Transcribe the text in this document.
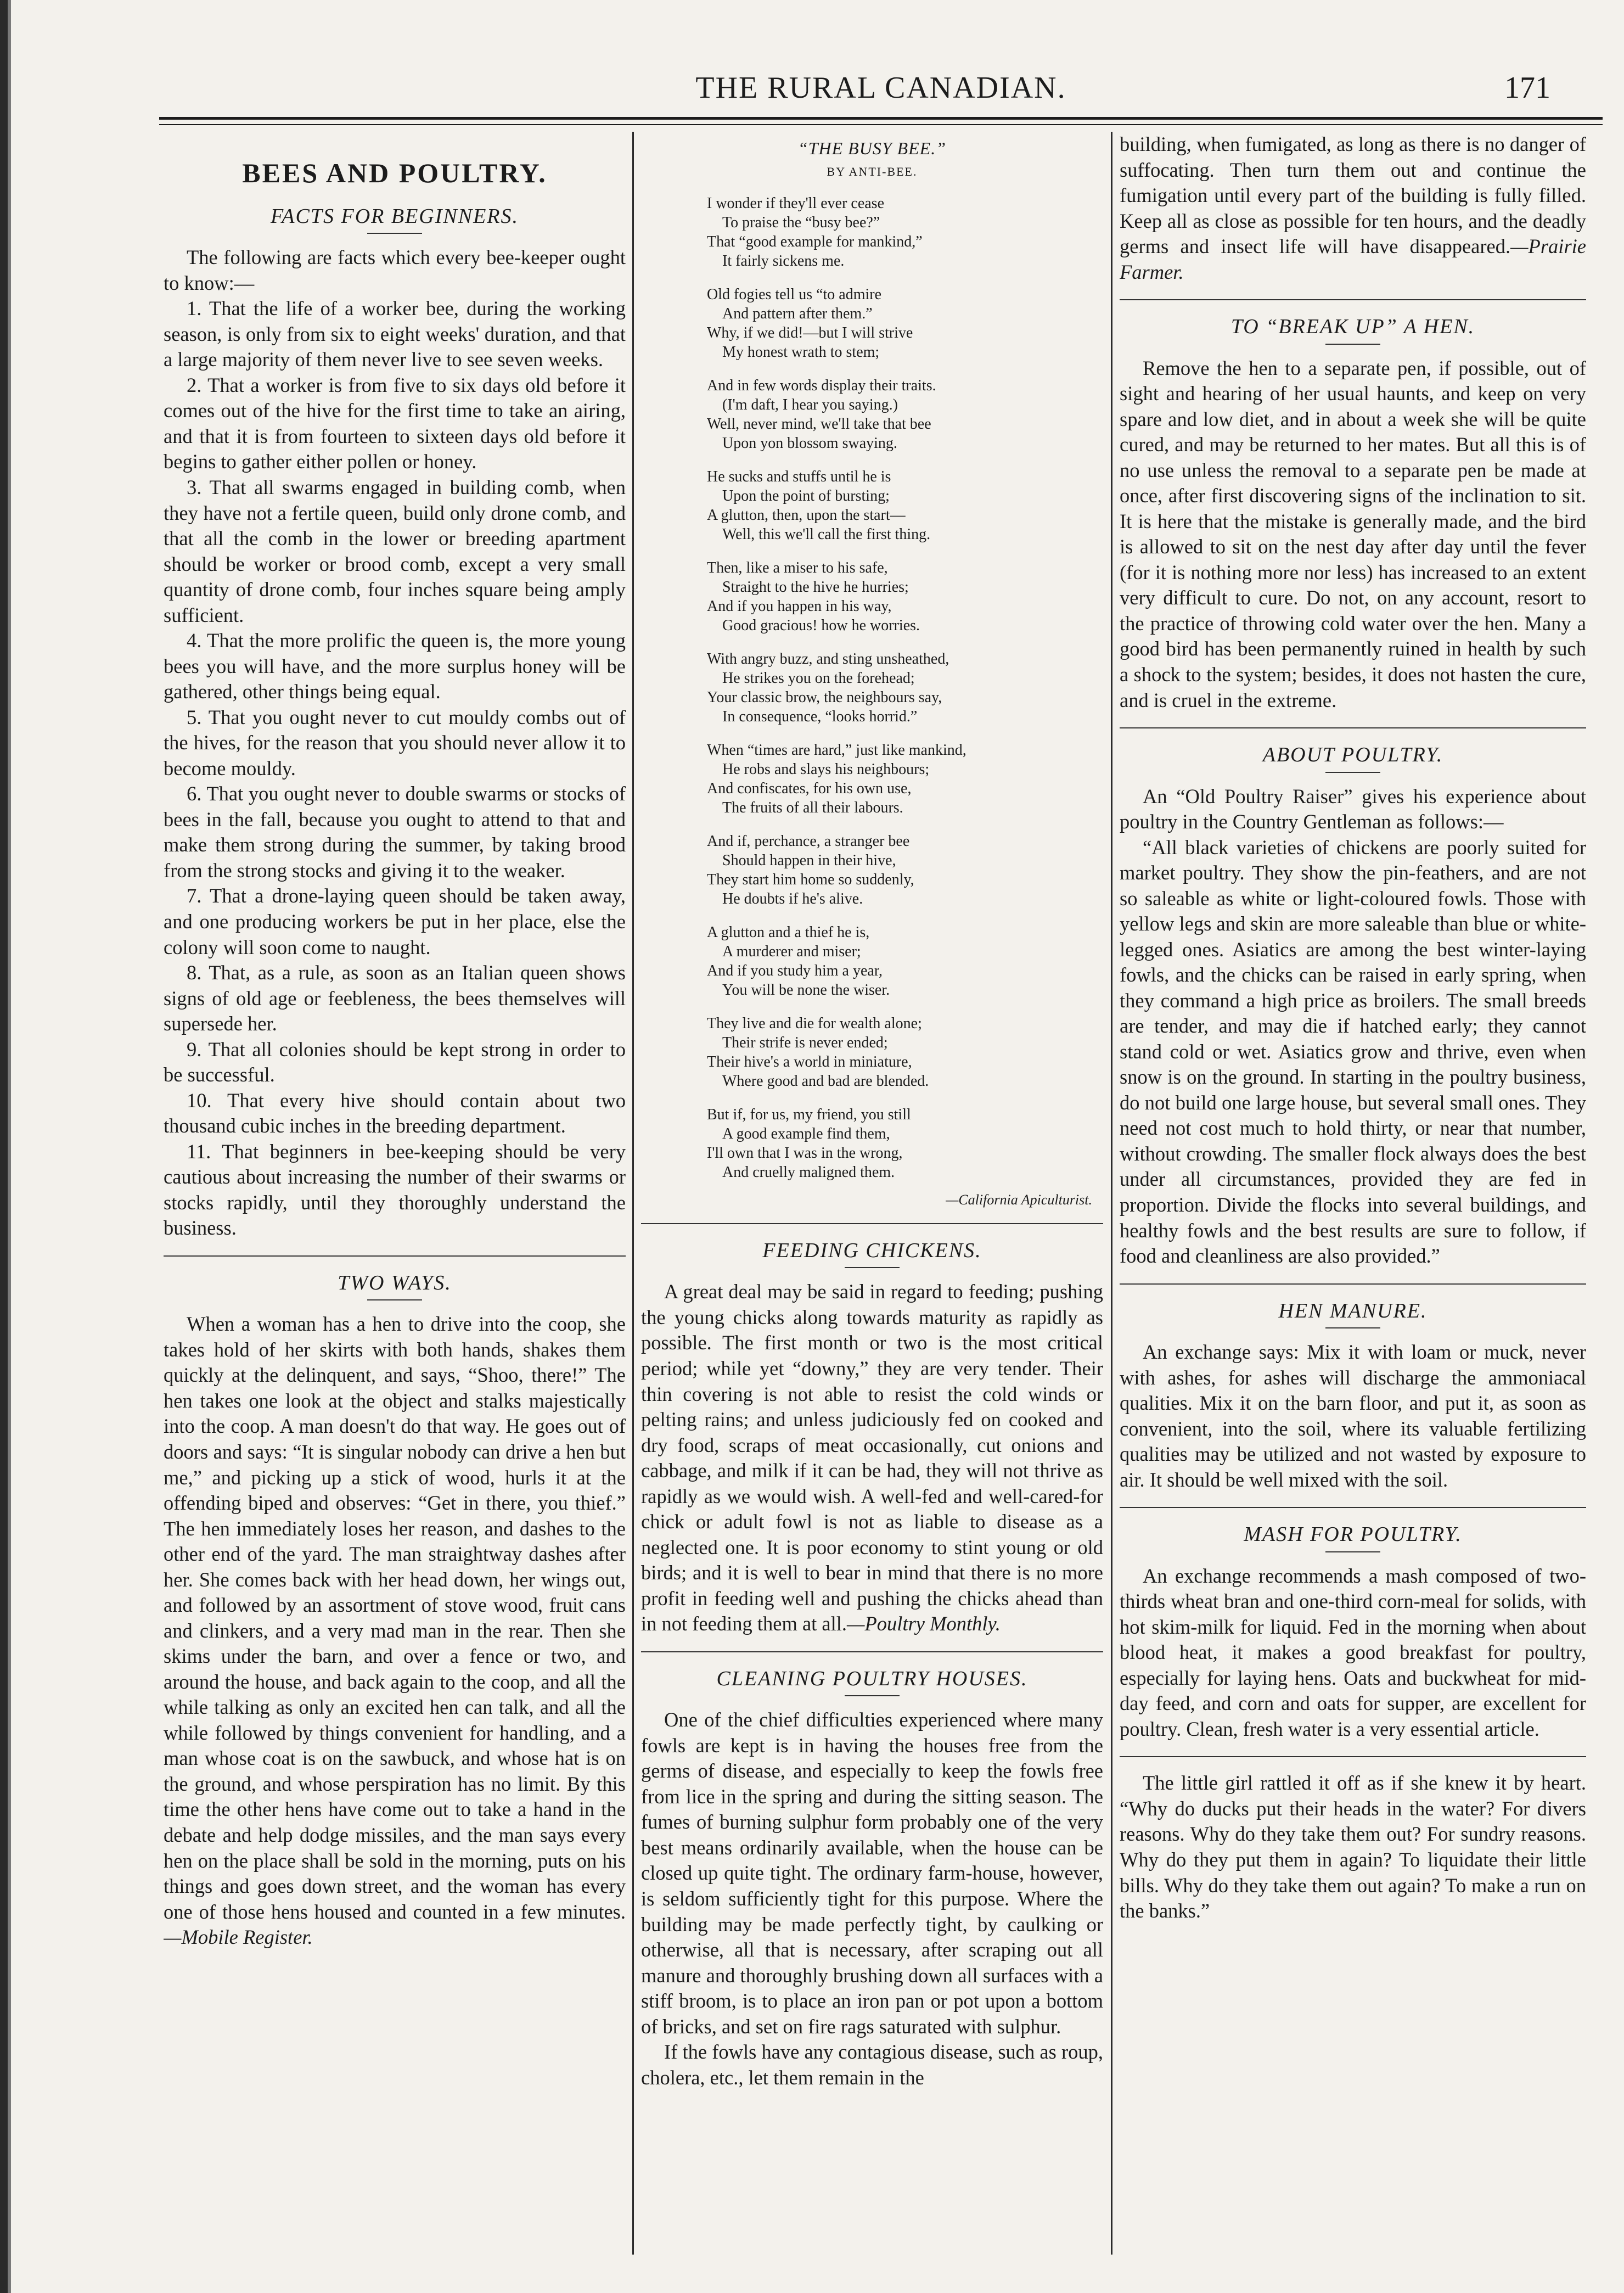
THE RURAL CANADIAN.	171
BEES AND POULTRY.
FACTS FOR BEGINNERS.

The following are facts which every bee-keeper ought to know:—

1. That the life of a worker bee, during the working season, is only from six to eight weeks' duration, and that a large majority of them never live to see seven weeks.

2. That a worker is from five to six days old before it comes out of the hive for the first time to take an airing, and that it is from fourteen to sixteen days old before it begins to gather either pollen or honey.

3. That all swarms engaged in building comb, when they have not a fertile queen, build only drone comb, and that all the comb in the lower or breeding apartment should be worker or brood comb, except a very small quantity of drone comb, four inches square being amply sufficient.

4. That the more prolific the queen is, the more young bees you will have, and the more surplus honey will be gathered, other things being equal.

5. That you ought never to cut mouldy combs out of the hives, for the reason that you should never allow it to become mouldy.

6. That you ought never to double swarms or stocks of bees in the fall, because you ought to attend to that and make them strong during the summer, by taking brood from the strong stocks and giving it to the weaker.

7. That a drone-laying queen should be taken away, and one producing workers be put in her place, else the colony will soon come to naught.

8. That, as a rule, as soon as an Italian queen shows signs of old age or feebleness, the bees themselves will supersede her.

9. That all colonies should be kept strong in order to be successful.

10. That every hive should contain about two thousand cubic inches in the breeding department.

11. That beginners in bee-keeping should be very cautious about increasing the number of their swarms or stocks rapidly, until they thoroughly understand the business.

TWO WAYS.

When a woman has a hen to drive into the coop, she takes hold of her skirts with both hands, shakes them quickly at the delinquent, and says, “Shoo, there!” The hen takes one look at the object and stalks majestically into the coop. A man doesn't do that way. He goes out of doors and says: “It is singular nobody can drive a hen but me,” and picking up a stick of wood, hurls it at the offending biped and observes: “Get in there, you thief.” The hen immediately loses her reason, and dashes to the other end of the yard. The man straightway dashes after her. She comes back with her head down, her wings out, and followed by an assortment of stove wood, fruit cans and clinkers, and a very mad man in the rear. Then she skims under the barn, and over a fence or two, and around the house, and back again to the coop, and all the while talking as only an excited hen can talk, and all the while followed by things convenient for handling, and a man whose coat is on the sawbuck, and whose hat is on the ground, and whose perspiration has no limit. By this time the other hens have come out to take a hand in the debate and help dodge missiles, and the man says every hen on the place shall be sold in the morning, puts on his things and goes down street, and the woman has every one of those hens housed and counted in a few minutes.—Mobile Register.

“THE BUSY BEE.”
BY ANTI-BEE.
I wonder if they'll ever cease
To praise the “busy bee?”
That “good example for mankind,”
It fairly sickens me.
Old fogies tell us “to admire
And pattern after them.”
Why, if we did!—but I will strive
My honest wrath to stem;
And in few words display their traits.
(I'm daft, I hear you saying.)
Well, never mind, we'll take that bee
Upon yon blossom swaying.
He sucks and stuffs until he is
Upon the point of bursting;
A glutton, then, upon the start—
Well, this we'll call the first thing.
Then, like a miser to his safe,
Straight to the hive he hurries;
And if you happen in his way,
Good gracious! how he worries.
With angry buzz, and sting unsheathed,
He strikes you on the forehead;
Your classic brow, the neighbours say,
In consequence, “looks horrid.”
When “times are hard,” just like mankind,
He robs and slays his neighbours;
And confiscates, for his own use,
The fruits of all their labours.
And if, perchance, a stranger bee
Should happen in their hive,
They start him home so suddenly,
He doubts if he's alive.
A glutton and a thief he is,
A murderer and miser;
And if you study him a year,
You will be none the wiser.
They live and die for wealth alone;
Their strife is never ended;
Their hive's a world in miniature,
Where good and bad are blended.
But if, for us, my friend, you still
A good example find them,
I'll own that I was in the wrong,
And cruelly maligned them.
—California Apiculturist.
FEEDING CHICKENS.

A great deal may be said in regard to feeding; pushing the young chicks along towards maturity as rapidly as possible. The first month or two is the most critical period; while yet “downy,” they are very tender. Their thin covering is not able to resist the cold winds or pelting rains; and unless judiciously fed on cooked and dry food, scraps of meat occasionally, cut onions and cabbage, and milk if it can be had, they will not thrive as rapidly as we would wish. A well-fed and well-cared-for chick or adult fowl is not as liable to disease as a neglected one. It is poor economy to stint young or old birds; and it is well to bear in mind that there is no more profit in feeding well and pushing the chicks ahead than in not feeding them at all.—Poultry Monthly.

CLEANING POULTRY HOUSES.

One of the chief difficulties experienced where many fowls are kept is in having the houses free from the germs of disease, and especially to keep the fowls free from lice in the spring and during the sitting season. The fumes of burning sulphur form probably one of the very best means ordinarily available, when the house can be closed up quite tight. The ordinary farm-house, however, is seldom sufficiently tight for this purpose. Where the building may be made perfectly tight, by caulking or otherwise, all that is necessary, after scraping out all manure and thoroughly brushing down all surfaces with a stiff broom, is to place an iron pan or pot upon a bottom of bricks, and set on fire rags saturated with sulphur.

If the fowls have any contagious disease, such as roup, cholera, etc., let them remain in the

building, when fumigated, as long as there is no danger of suffocating. Then turn them out and continue the fumigation until every part of the building is fully filled. Keep all as close as possible for ten hours, and the deadly germs and insect life will have disappeared.—Prairie Farmer.

TO “BREAK UP” A HEN.

Remove the hen to a separate pen, if possible, out of sight and hearing of her usual haunts, and keep on very spare and low diet, and in about a week she will be quite cured, and may be returned to her mates. But all this is of no use unless the removal to a separate pen be made at once, after first discovering signs of the inclination to sit. It is here that the mistake is generally made, and the bird is allowed to sit on the nest day after day until the fever (for it is nothing more nor less) has increased to an extent very difficult to cure. Do not, on any account, resort to the practice of throwing cold water over the hen. Many a good bird has been permanently ruined in health by such a shock to the system; besides, it does not hasten the cure, and is cruel in the extreme.

ABOUT POULTRY.

An “Old Poultry Raiser” gives his experience about poultry in the Country Gentleman as follows:—

“All black varieties of chickens are poorly suited for market poultry. They show the pin-feathers, and are not so saleable as white or light-coloured fowls. Those with yellow legs and skin are more saleable than blue or white-legged ones. Asiatics are among the best winter-laying fowls, and the chicks can be raised in early spring, when they command a high price as broilers. The small breeds are tender, and may die if hatched early; they cannot stand cold or wet. Asiatics grow and thrive, even when snow is on the ground. In starting in the poultry business, do not build one large house, but several small ones. They need not cost much to hold thirty, or near that number, without crowding. The smaller flock always does the best under all circumstances, provided they are fed in proportion. Divide the flocks into several buildings, and healthy fowls and the best results are sure to follow, if food and cleanliness are also provided.”

HEN MANURE.

An exchange says: Mix it with loam or muck, never with ashes, for ashes will discharge the ammoniacal qualities. Mix it on the barn floor, and put it, as soon as convenient, into the soil, where its valuable fertilizing qualities may be utilized and not wasted by exposure to air. It should be well mixed with the soil.

MASH FOR POULTRY.

An exchange recommends a mash composed of two-thirds wheat bran and one-third corn-meal for solids, with hot skim-milk for liquid. Fed in the morning when about blood heat, it makes a good breakfast for poultry, especially for laying hens. Oats and buckwheat for mid-day feed, and corn and oats for supper, are excellent for poultry. Clean, fresh water is a very essential article.

The little girl rattled it off as if she knew it by heart. “Why do ducks put their heads in the water? For divers reasons. Why do they take them out? For sundry reasons. Why do they put them in again? To liquidate their little bills. Why do they take them out again? To make a run on the banks.”
